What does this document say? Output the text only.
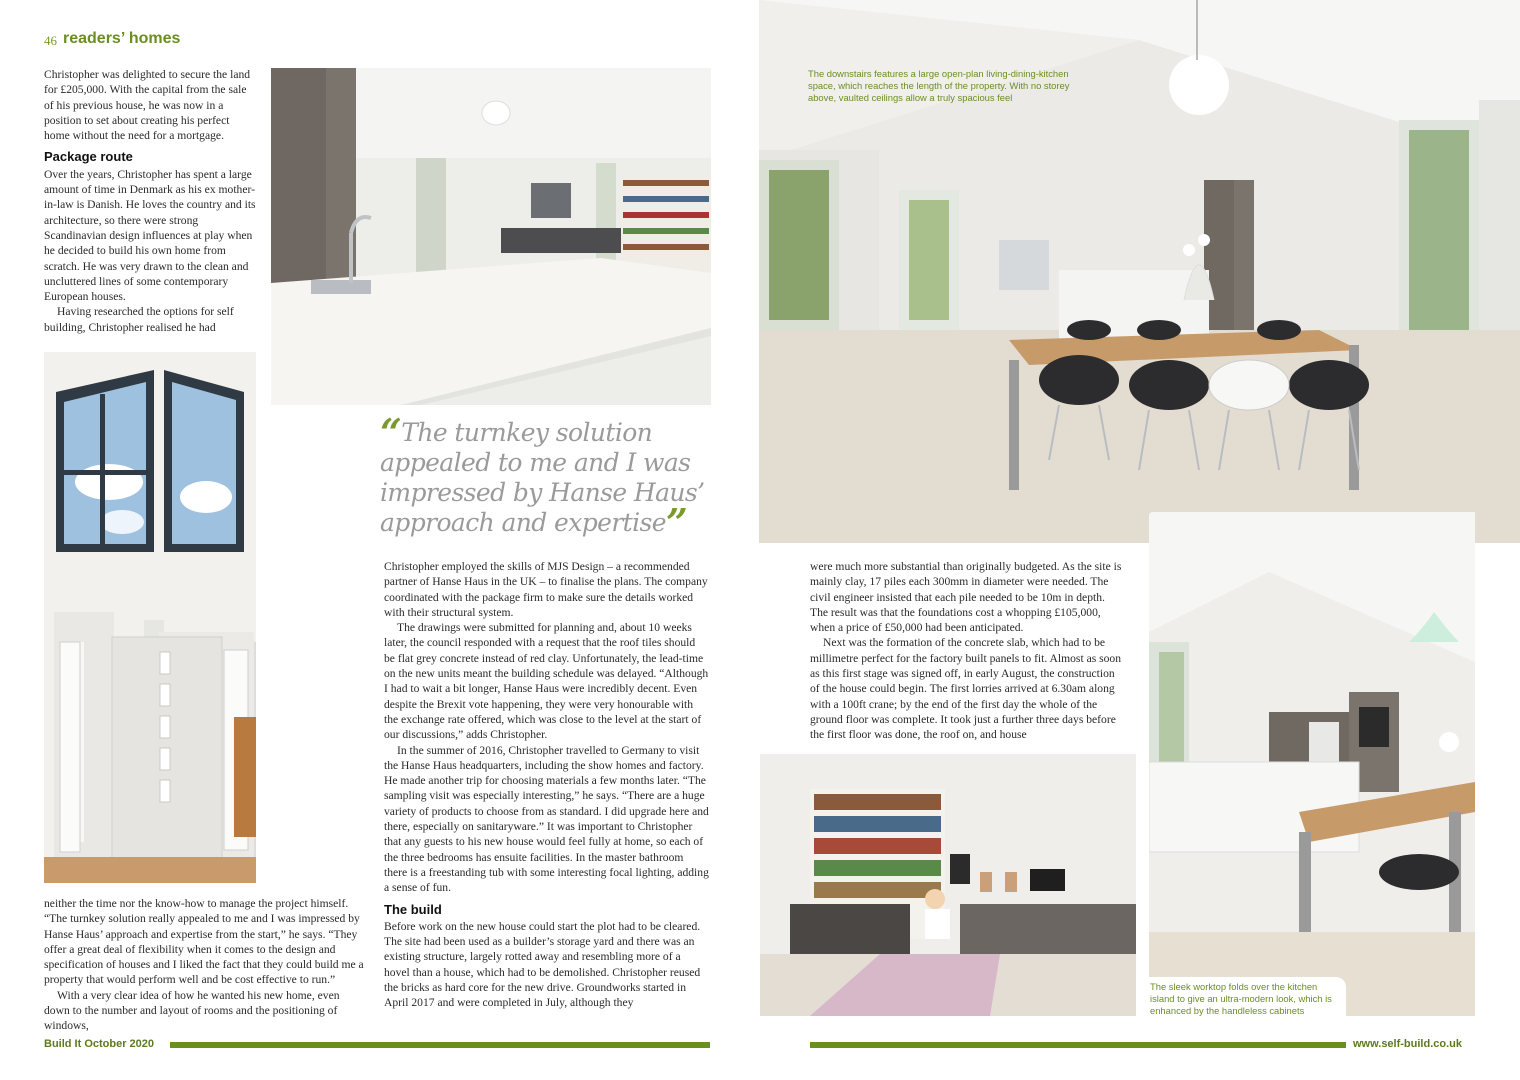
46 readers’ homes

Christopher was delighted to secure the land for £205,000. With the capital from the sale of his previous house, he was now in a position to set about creating his perfect home without the need for a mortgage.

Package route

Over the years, Christopher has spent a large amount of time in Denmark as his ex mother-in-law is Danish. He loves the country and its architecture, so there were strong Scandinavian design influences at play when he decided to build his own home from scratch. He was very drawn to the clean and uncluttered lines of some contemporary European houses.

Having researched the options for self building, Christopher realised he had

neither the time nor the know-how to manage the project himself. “The turnkey solution really appealed to me and I was impressed by Hanse Haus’ approach and expertise from the start,” he says. “They offer a great deal of flexibility when it comes to the design and specification of houses and I liked the fact that they could build me a property that would perform well and be cost effective to run.”

With a very clear idea of how he wanted his new home, even down to the number and layout of rooms and the positioning of windows,

“The turnkey solution appealed to me and I was impressed by Hanse Haus’ approach and expertise”

Christopher employed the skills of MJS Design – a recommended partner of Hanse Haus in the UK – to finalise the plans. The company coordinated with the package firm to make sure the details worked with their structural system.

The drawings were submitted for planning and, about 10 weeks later, the council responded with a request that the roof tiles should be flat grey concrete instead of red clay. Unfortunately, the lead-time on the new units meant the building schedule was delayed. “Although I had to wait a bit longer, Hanse Haus were incredibly decent. Even despite the Brexit vote happening, they were very honourable with the exchange rate offered, which was close to the level at the start of our discussions,” adds Christopher.

In the summer of 2016, Christopher travelled to Germany to visit the Hanse Haus headquarters, including the show homes and factory. He made another trip for choosing materials a few months later. “The sampling visit was especially interesting,” he says. “There are a huge variety of products to choose from as standard. I did upgrade here and there, especially on sanitaryware.” It was important to Christopher that any guests to his new house would feel fully at home, so each of the three bedrooms has ensuite facilities. In the master bathroom there is a freestanding tub with some interesting focal lighting, adding a sense of fun.

The build

Before work on the new house could start the plot had to be cleared. The site had been used as a builder’s storage yard and there was an existing structure, largely rotted away and resembling more of a hovel than a house, which had to be demolished. Christopher reused the bricks as hard core for the new drive. Groundworks started in April 2017 and were completed in July, although they

The downstairs features a large open-plan living-dining-kitchen space, which reaches the length of the property. With no storey above, vaulted ceilings allow a truly spacious feel

were much more substantial than originally budgeted. As the site is mainly clay, 17 piles each 300mm in diameter were needed. The civil engineer insisted that each pile needed to be 10m in depth. The result was that the foundations cost a whopping £105,000, when a price of £50,000 had been anticipated.

Next was the formation of the concrete slab, which had to be millimetre perfect for the factory built panels to fit. Almost as soon as this first stage was signed off, in early August, the construction of the house could begin. The first lorries arrived at 6.30am along with a 100ft crane; by the end of the first day the whole of the ground floor was complete. It took just a further three days before the first floor was done, the roof on, and house

The sleek worktop folds over the kitchen island to give an ultra-modern look, which is enhanced by the handleless cabinets
Build It October 2020	www.self-build.co.uk
